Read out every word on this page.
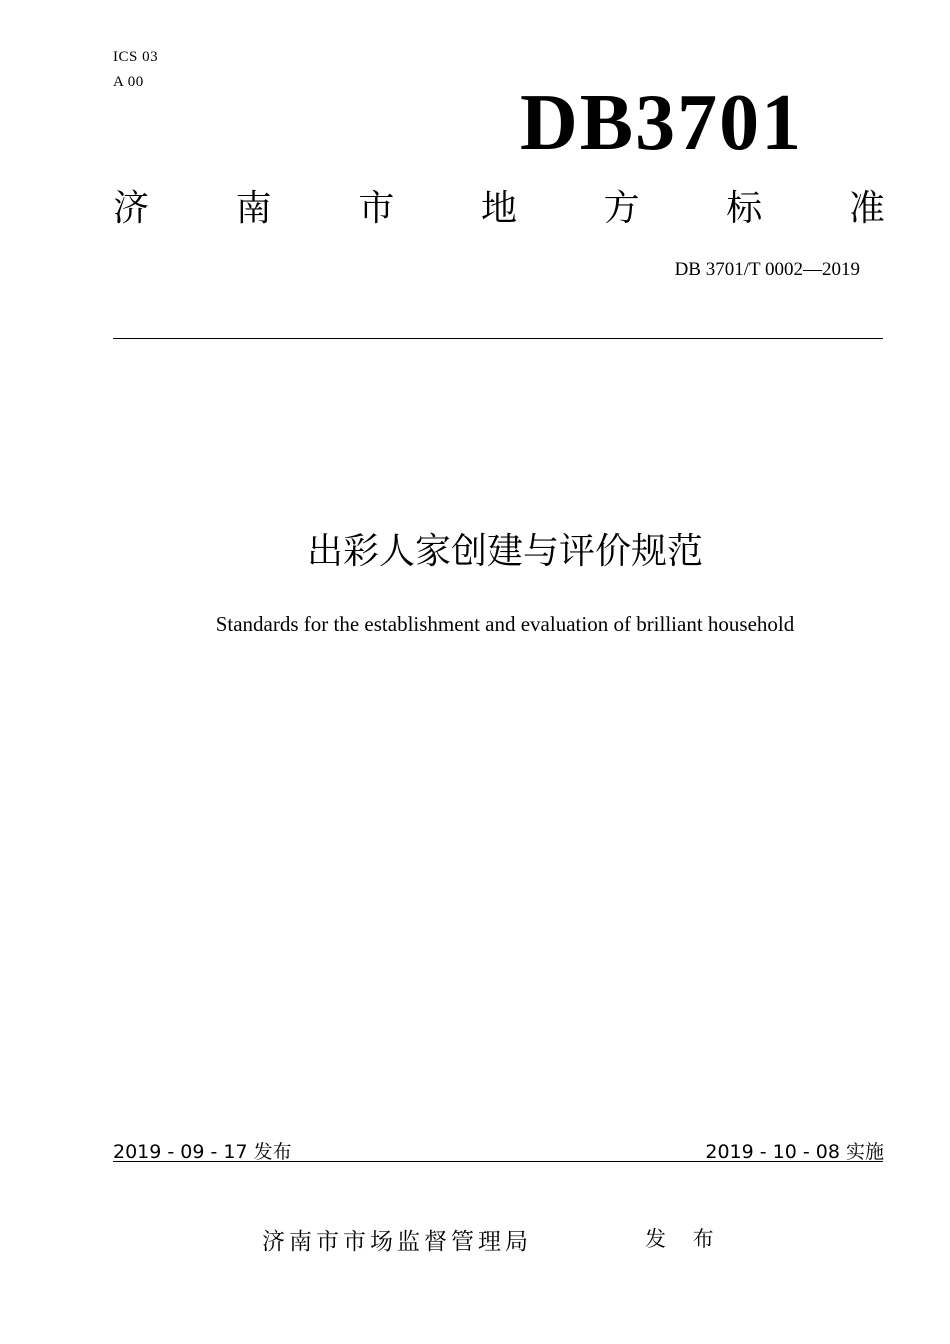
ICS 03
A 00	DB3701
济 南 市 地 方 标 准
DB 3701/T 0002—2019
出彩人家创建与评价规范
Standards for the establishment and evaluation of brilliant household
2019 - 09 - 17 发布	2019 - 10 - 08 实施
济南市市场监督管理局	发 布
